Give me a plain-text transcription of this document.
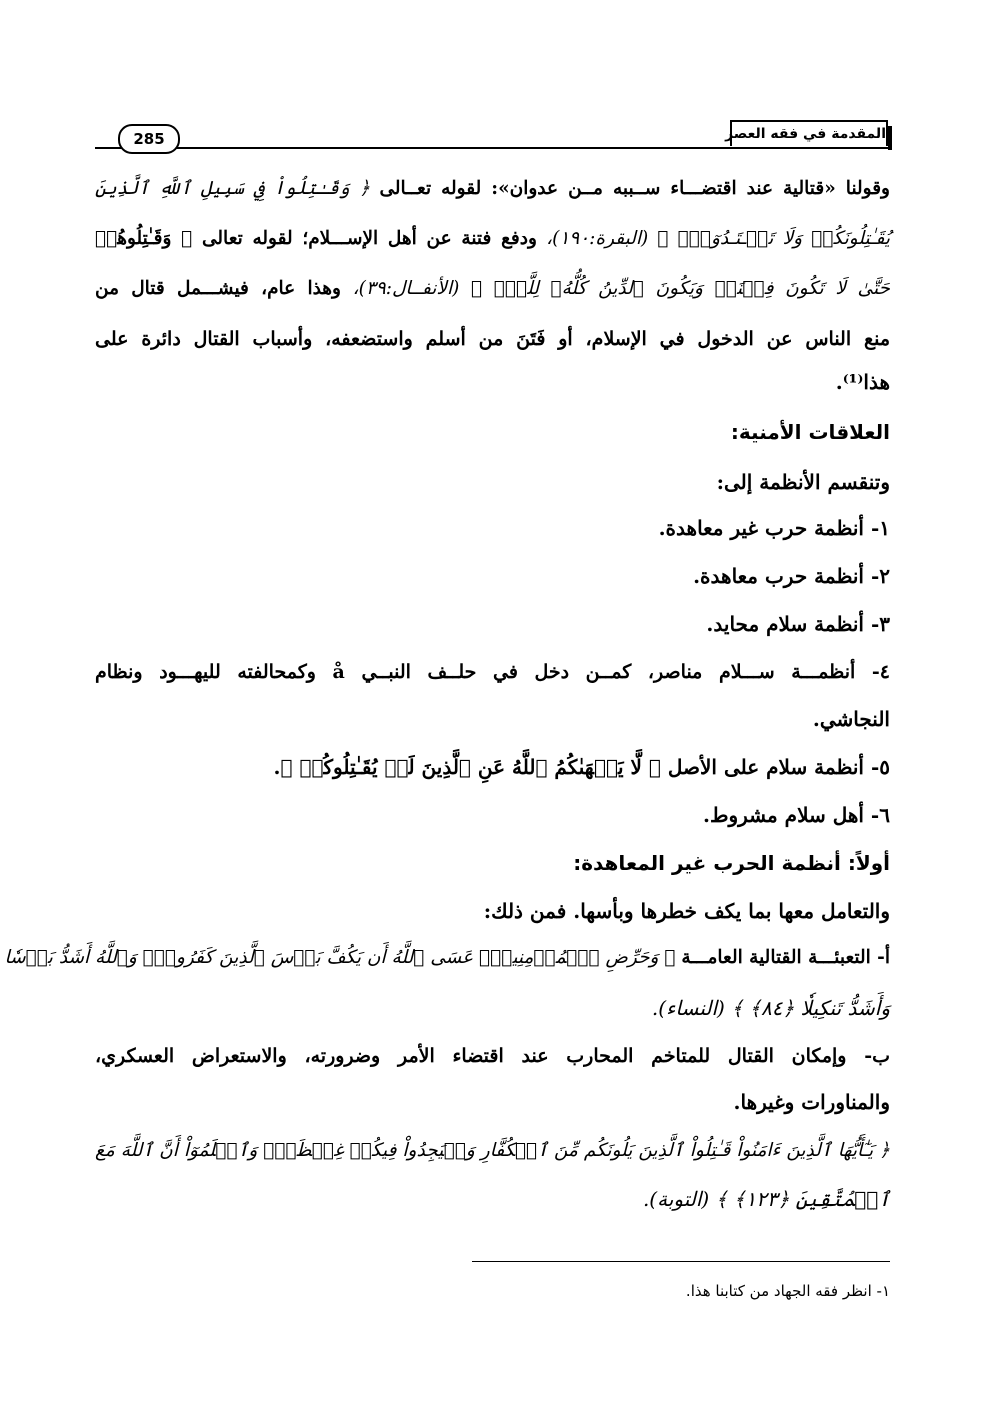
المقدمة في فقه العصر
285
وقولنا «قتالية عند اقتضـــاء ســببه مــن عدوان»: لقوله تعــالى ﴿ وَقَـٰتِلُواْ فِي سَبِيلِ ٱللَّهِ ٱلَّذِينَ
يُقَـٰتِلُونَكُمۡ وَلَا تَعۡـتَـدُوٓاْۚ ﴾ (البقرة:١٩٠)، ودفع فتنة عن أهل الإســـلام؛ لقوله تعالى ﴿ وَقَـٰتِلُوهُمۡ
حَتَّىٰ لَا تَكُونَ فِتۡنَةٞ وَيَكُونَ ٱلدِّينُ كُلُّهُۥ لِلَّهِۚ ﴾ (الأنفــال:٣٩)، وهذا عام، فيشـــمل قتال من
منع الناس عن الدخول في الإسلام، أو فَتَنَ من أسلم واستضعفه، وأسباب القتال دائرة على
هذا⁽¹⁾.
العلاقات الأمنية:
وتنقسم الأنظمة إلى:
١- أنظمة حرب غير معاهدة.
٢- أنظمة حرب معاهدة.
٣- أنظمة سلام محايد.
٤- أنظمـــة ســـلام مناصر، كمــن دخل في حلــف النبــي å وكمحالفته لليهـــود ونظام
النجاشي.
٥- أنظمة سلام على الأصل ﴿ لَّا يَنۡهَىٰكُمُ ٱللَّهُ عَنِ ٱلَّذِينَ لَمۡ يُقَـٰتِلُوكُمۡ ﴾.
٦- أهل سلام مشروط.
أولاً: أنظمة الحرب غير المعاهدة:
والتعامل معها بما يكف خطرها وبأسها. فمن ذلك:
أ- التعبئـــة القتالية العامـــة ﴿ وَحَرِّضِ ٱلۡمُؤۡمِنِينَۖ عَسَى ٱللَّهُ أَن يَكُفَّ بَأۡسَ ٱلَّذِينَ كَفَرُواْۚ وَٱللَّهُ أَشَدُّ بَأۡسٗا
وَأَشَدُّ تَنكِيلٗا ﴿٨٤﴾ ﴾ (النساء).
ب- وإمكان القتال للمتاخم المحارب عند اقتضاء الأمر وضرورته، والاستعراض العسكري،
والمناورات وغيرها.
﴿ يَـٰٓأَيُّهَا ٱلَّذِينَ ءَامَنُواْ قَـٰتِلُواْ ٱلَّذِينَ يَلُونَكُم مِّنَ ٱلۡكُفَّارِ وَلۡيَجِدُواْ فِيكُمۡ غِلۡظَةٗۚ وَٱعۡلَمُوٓاْ أَنَّ ٱللَّهَ مَعَ
ٱلۡمُتَّقِينَ ﴿١٢٣﴾ ﴾ (التوبة).
١- انظر فقه الجهاد من كتابنا هذا.
